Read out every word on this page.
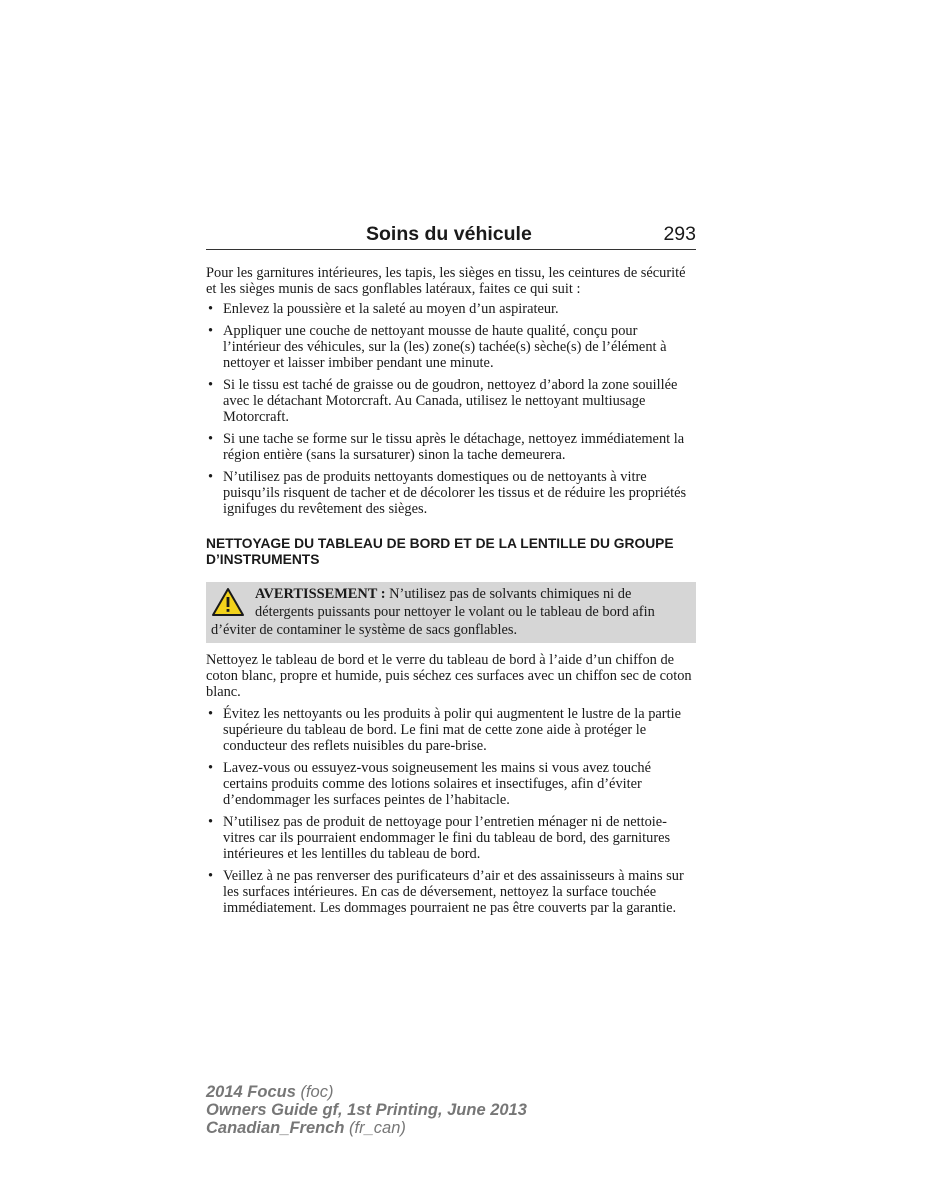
Soins du véhicule	293

Pour les garnitures intérieures, les tapis, les sièges en tissu, les ceintures de sécurité et les sièges munis de sacs gonflables latéraux, faites ce qui suit :

• Enlevez la poussière et la saleté au moyen d’un aspirateur.
• Appliquer une couche de nettoyant mousse de haute qualité, conçu pour l’intérieur des véhicules, sur la (les) zone(s) tachée(s) sèche(s) de l’élément à nettoyer et laisser imbiber pendant une minute.
• Si le tissu est taché de graisse ou de goudron, nettoyez d’abord la zone souillée avec le détachant Motorcraft. Au Canada, utilisez le nettoyant multiusage Motorcraft.
• Si une tache se forme sur le tissu après le détachage, nettoyez immédiatement la région entière (sans la sursaturer) sinon la tache demeurera.
• N’utilisez pas de produits nettoyants domestiques ou de nettoyants à vitre puisqu’ils risquent de tacher et de décolorer les tissus et de réduire les propriétés ignifuges du revêtement des sièges.
NETTOYAGE DU TABLEAU DE BORD ET DE LA LENTILLE DU GROUPE D’INSTRUMENTS
AVERTISSEMENT : N’utilisez pas de solvants chimiques ni de détergents puissants pour nettoyer le volant ou le tableau de bord afin d’éviter de contaminer le système de sacs gonflables.

Nettoyez le tableau de bord et le verre du tableau de bord à l’aide d’un chiffon de coton blanc, propre et humide, puis séchez ces surfaces avec un chiffon sec de coton blanc.

• Évitez les nettoyants ou les produits à polir qui augmentent le lustre de la partie supérieure du tableau de bord. Le fini mat de cette zone aide à protéger le conducteur des reflets nuisibles du pare-brise.
• Lavez-vous ou essuyez-vous soigneusement les mains si vous avez touché certains produits comme des lotions solaires et insectifuges, afin d’éviter d’endommager les surfaces peintes de l’habitacle.
• N’utilisez pas de produit de nettoyage pour l’entretien ménager ni de nettoie-vitres car ils pourraient endommager le fini du tableau de bord, des garnitures intérieures et les lentilles du tableau de bord.
• Veillez à ne pas renverser des purificateurs d’air et des assainisseurs à mains sur les surfaces intérieures. En cas de déversement, nettoyez la surface touchée immédiatement. Les dommages pourraient ne pas être couverts par la garantie.
2014 Focus (foc)
Owners Guide gf, 1st Printing, June 2013
Canadian_French (fr_can)
